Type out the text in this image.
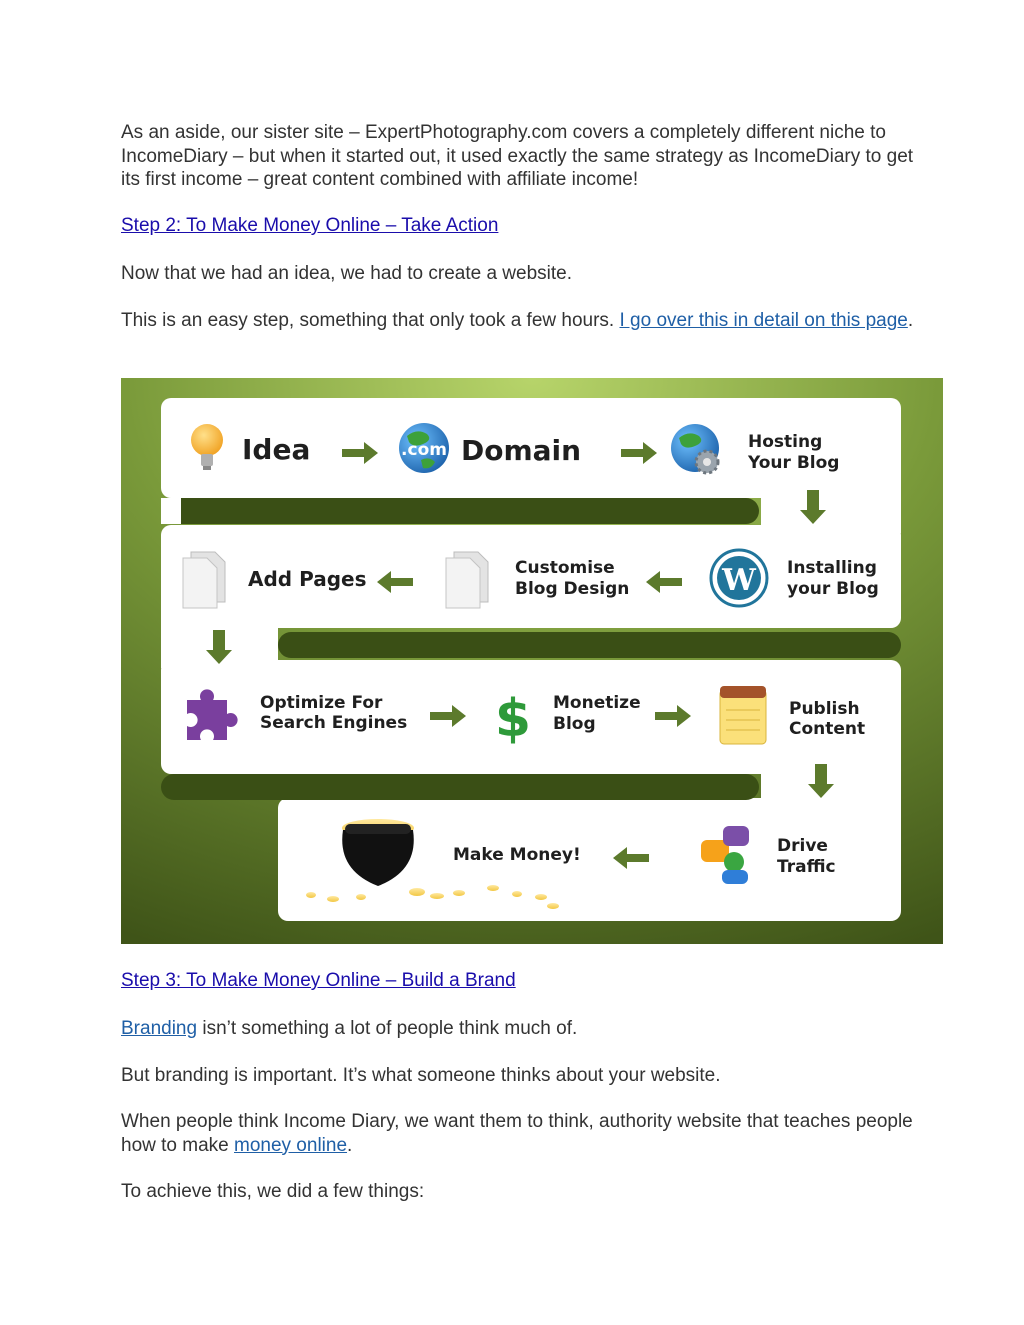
As an aside, our sister site – ExpertPhotography.com covers a completely different niche to IncomeDiary – but when it started out, it used exactly the same strategy as IncomeDiary to get its first income – great content combined with affiliate income!

Step 2: To Make Money Online – Take Action

Now that we had an idea, we had to create a website.

This is an easy step, something that only took a few hours. I go over this in detail on this page.

Idea	.com Domain	Hosting
Your Blog
W Installing
your Blog
Customise
Blog Design
Add Pages
Optimize For
Search Engines $ Monetize
Blog
Publish
Content
Drive
Traffic
Make Money!

Step 3: To Make Money Online – Build a Brand

Branding isn’t something a lot of people think much of.

But branding is important. It’s what someone thinks about your website.

When people think Income Diary, we want them to think, authority website that teaches people how to make money online.

To achieve this, we did a few things:
